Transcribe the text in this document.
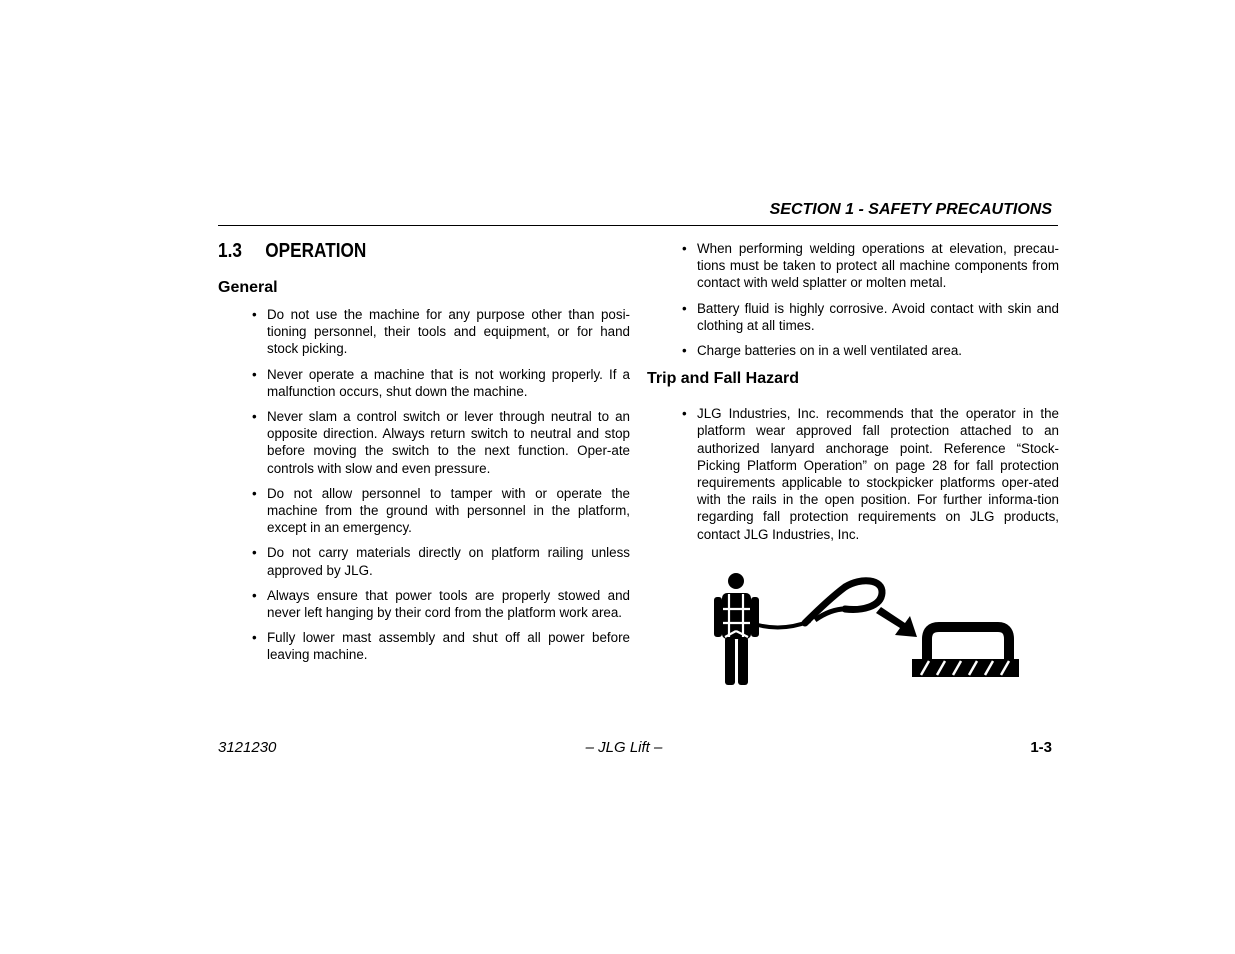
SECTION 1 - SAFETY PRECAUTIONS
1.3 OPERATION
General
• Do not use the machine for any purpose other than posi-tioning personnel, their tools and equipment, or for hand stock picking.
• Never operate a machine that is not working properly. If a malfunction occurs, shut down the machine.
• Never slam a control switch or lever through neutral to an opposite direction. Always return switch to neutral and stop before moving the switch to the next function. Oper-ate controls with slow and even pressure.
• Do not allow personnel to tamper with or operate the machine from the ground with personnel in the platform, except in an emergency.
• Do not carry materials directly on platform railing unless approved by JLG.
• Always ensure that power tools are properly stowed and never left hanging by their cord from the platform work area.
• Fully lower mast assembly and shut off all power before leaving machine.
• When performing welding operations at elevation, precau-tions must be taken to protect all machine components from contact with weld splatter or molten metal.
• Battery fluid is highly corrosive. Avoid contact with skin and clothing at all times.
• Charge batteries on in a well ventilated area.
Trip and Fall Hazard
• JLG Industries, Inc. recommends that the operator in the platform wear approved fall protection attached to an authorized lanyard anchorage point. Reference “Stock-Picking Platform Operation” on page 28 for fall protection requirements applicable to stockpicker platforms oper-ated with the rails in the open position. For further informa-tion regarding fall protection requirements on JLG products, contact JLG Industries, Inc.
3121230	– JLG Lift –	1-3
